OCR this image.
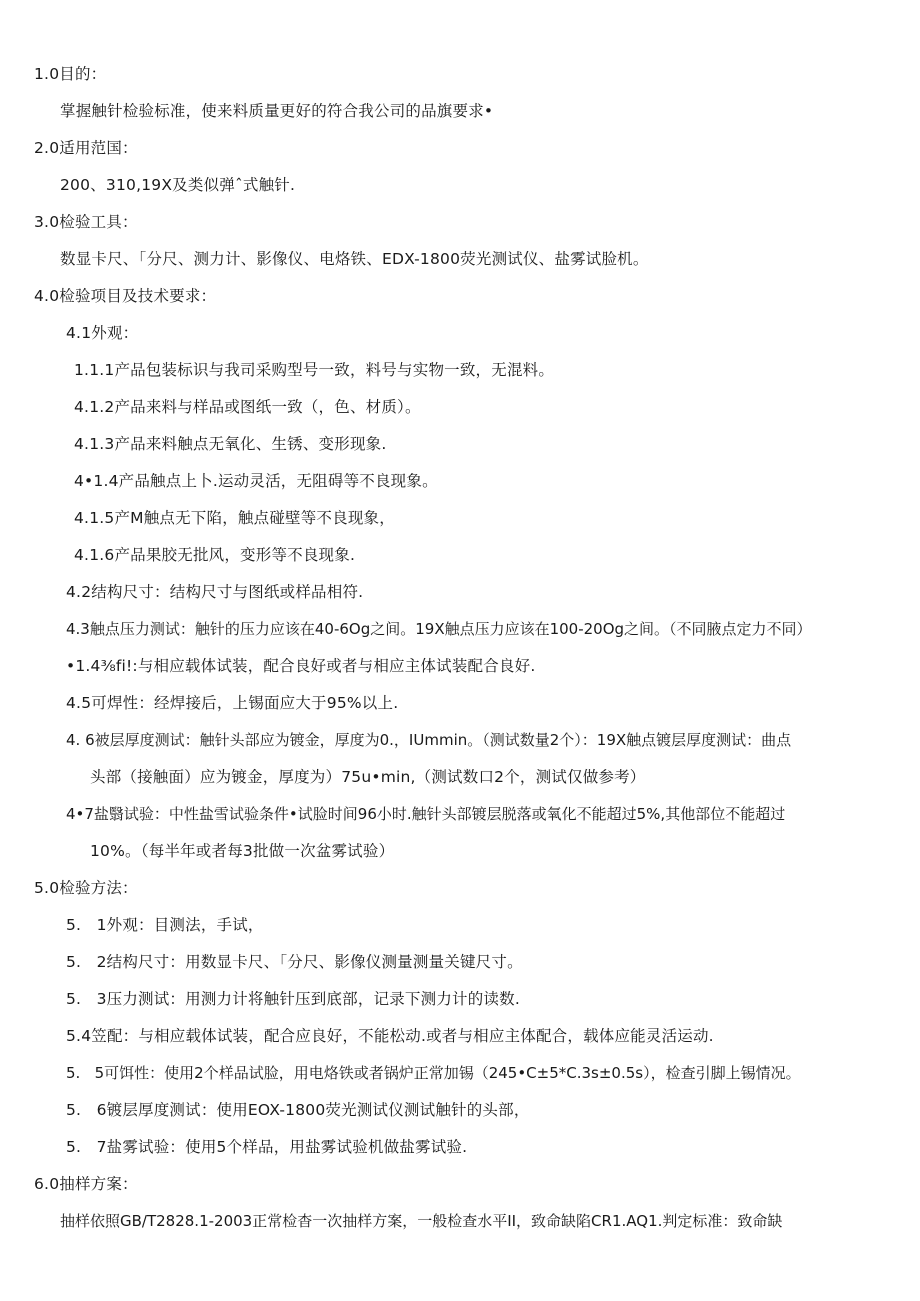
1.0目的：
掌握触针检验标准，使来料质量更好的符合我公司的品旗要求•
2.0适用范国：
200、310,19X及类似弹ˆ式触针.
3.0检验工具：
数显卡尺、「分尺、测力计、影像仪、电烙铁、EDX-1800荧光测试仪、盐雾试脸机。
4.0检验项目及技术要求：
4.1外观：
1.1.1产品包装标识与我司采购型号一致，料号与实物一致，无混料。
4.1.2产品来料与样品或图纸一致（，色、材质）。
4.1.3产品来料触点无氧化、生锈、变形现象.
4•1.4产品触点上卜.运动灵活，无阻碍等不良现象。
4.1.5产M触点无下陷，触点碰壁等不良现象，
4.1.6产品果胶无批风，变形等不良现象.
4.2结构尺寸：结构尺寸与图纸或样品相符.
4.3触点压力测试：触针的压力应该在40-6Og之间。19X触点压力应该在100-20Og之间。（不同腋点定力不同）
•1.4⅜fi!:与相应载体试装，配合良好或者与相应主体试装配合良好.
4.5可焊性：经焊接后，上锡面应大于95%以上.
4. 6被层厚度测试：触针头部应为镀金，厚度为0.，IUmmin。（测试数量2个）：19X触点镀层厚度测试：曲点
头部（接触面）应为镀金，厚度为）75u•min,（测试数口2个，测试仅做参考）
4•7盐翳试验：中性盐雪试验条件•试脸时间96小时.触针头部镀层脱落或氧化不能超过5%,其他部位不能超过
10%。（每半年或者每3批做一次盆雾试验）
5.0检验方法：
5.   1外观：目测法，手试，
5.   2结构尺寸：用数显卡尺、「分尺、影像仪测量测量关键尺寸。
5.   3压力测试：用测力计将触针压到底部，记录下测力计的读数.
5.4笠配：与相应载体试装，配合应良好，不能松动.或者与相应主体配合，载体应能灵活运动.
5.   5可饵性：使用2个样品试脸，用电烙铁或者锅炉正常加锡（245•C±5*C.3s±0.5s），检查引脚上锡情况。
5.   6镀层厚度测试：使用EOX-1800荧光测试仪测试触针的头部，
5.   7盐雾试验：使用5个样品，用盐雾试验机做盐雾试验.
6.0抽样方案：
抽样依照GB/T2828.1-2003正常检杳一次抽样方案，一般检查水平II，致命缺陷CR1.AQ1.判定标准：致命缺
